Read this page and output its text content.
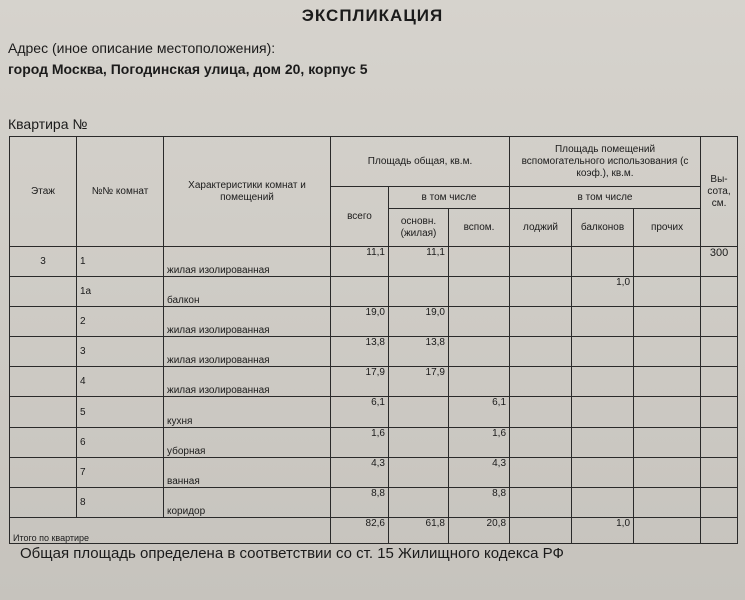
ЭКСПЛИКАЦИЯ
Адрес (иное описание местоположения):
город Москва, Погодинская улица, дом 20, корпус 5
Квартира №
Этаж	№№ комнат	Характеристики комнат и помещений	Площадь общая, кв.м.			Площадь помещений вспомогательного использования (с коэф.), кв.м.			Вы-сота, см.
			всего	в том числе		в том числе			
				основн. (жилая)	вспом.	лоджий	балконов	прочих	
3	1	жилая изолированная	11,1	11,1					300
	1а	балкон					1,0		
	2	жилая изолированная	19,0	19,0					
	3	жилая изолированная	13,8	13,8					
	4	жилая изолированная	17,9	17,9					
	5	кухня	6,1		6,1				
	6	уборная	1,6		1,6				
	7	ванная	4,3		4,3				
	8	коридор	8,8		8,8				
Итого по квартире			82,6	61,8	20,8		1,0		
Общая площадь определена в соответствии со ст. 15 Жилищного кодекса РФ
